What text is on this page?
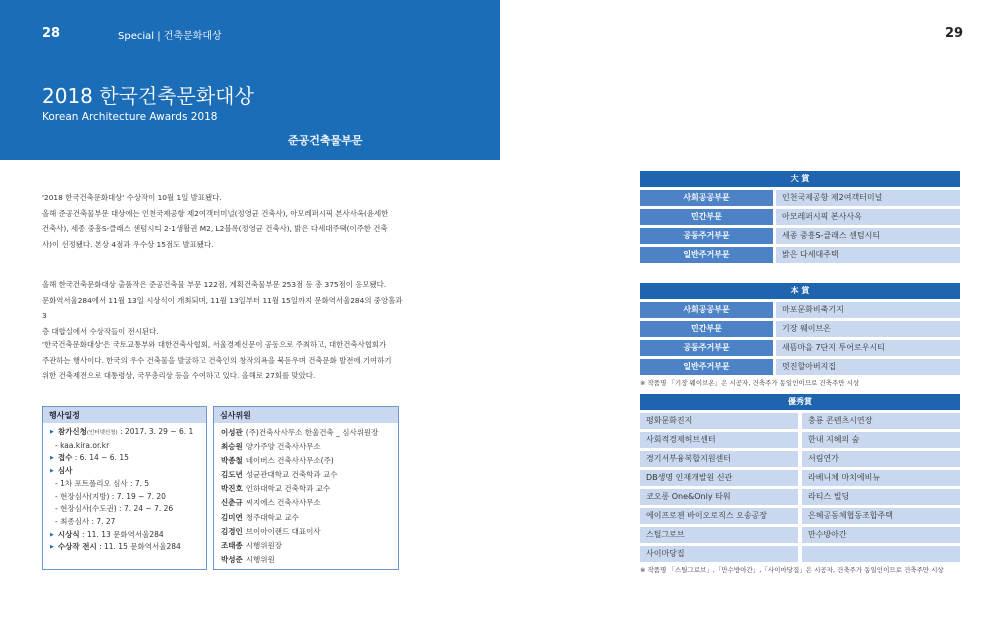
28	29
Special | 건축문화대상
2018 한국건축문화대상
Korean Architecture Awards 2018
준공건축물부문
'2018 한국건축문화대상' 수상작이 10월 1일 발표됐다.
올해 준공건축물부문 대상에는 인천국제공항 제2여객터미널(정영균 건축사), 아모레퍼시픽 본사사옥(윤세한
건축사), 세종 중흥S-클래스 센텀시티 2-1생활권 M2, L2블록(정영균 건축사), 밝은 다세대주택(이주한 건축
사)이 선정됐다. 본상 4점과 우수상 15점도 발표됐다.
올해 한국건축문화대상 출품작은 준공건축물 부문 122점, 계획건축물부문 253점 등 총 375점이 응모됐다.
문화역서울284에서 11월 13일 시상식이 개최되며, 11월 13일부터 11월 15일까지 문화역서울284의 중앙홀과 3
층 대합실에서 수상작들이 전시된다.
'한국건축문화대상'은 국토교통부와 대한건축사협회, 서울경제신문이 공동으로 주최하고, 대한건축사협회가
주관하는 행사이다. 한국의 우수 건축물을 발굴하고 건축인의 창작의욕을 북돋우며 건축문화 발전에 기여하기
위한 건축제전으로 대통령상, 국무총리상 등을 수여하고 있다. 올해로 27회를 맞았다.
행사일정
▶ 참가신청(인터넷신청) : 2017. 3. 29 ~ 6. 1
- kaa.kira.or.kr
▶ 접수 : 6. 14 ~ 6. 15
▶ 심사
- 1차 포트폴리오 심사 : 7. 5
- 현장심사(지방) : 7. 19 ~ 7. 20
- 현장심사(수도권) : 7. 24 ~ 7. 26
- 최종심사 : 7. 27
▶ 시상식 : 11. 13 문화역서울284
▶ 수상작 전시 : 11. 15 문화역서울284
심사위원
이성관 (주)건축사사무소 한울건축 _ 심사위원장
최승원 양가주양 건축사사무소
박종철 네이버스 건축사사무소(주)
김도년 성균관대학교 건축학과 교수
박진호 인하대학교 건축학과 교수
신춘규 씨지에스 건축사사무소
김미연 청주대학교 교수
김경인 브이아이랜드 대표이사
조태종 시행위원장
박성준 시행위원
大 賞
사회공공부문	인천국제공항 제2여객터미널
민간부문	아모레퍼시픽 본사사옥
공동주거부문	세종 중흥S-클래스 센텀시티
일반주거부문	밝은 다세대주택
本 賞
사회공공부문	마포문화비축기지
민간부문	기장 웨이브온
공동주거부문	새뜸마을 7단지 투어로우시티
일반주거부문	멋진할아버지집
※ 작품명 「기장 웨이브온」은 시공자, 건축주가 동일인이므로 건축주만 시상
優秀賞
평화문화진지	충룡 콘텐츠시연장
사회적경제허브센터	한내 지혜의 숲
경기서부융복합지원센터	서림연가
DB생명 인재개발원 신관	라베니체 마치에비뉴
코오롱 One&Only 타워	라티스 빌딩
에이프로젠 바이오로직스 오송공장	은혜공동체협동조합주택
스틸그로브	만수방아간
사이마당집
※ 작품명 「스틸그로브」,「만수방아간」,「사이마당집」은 시공자, 건축주가 동일인이므로 건축주만 시상
